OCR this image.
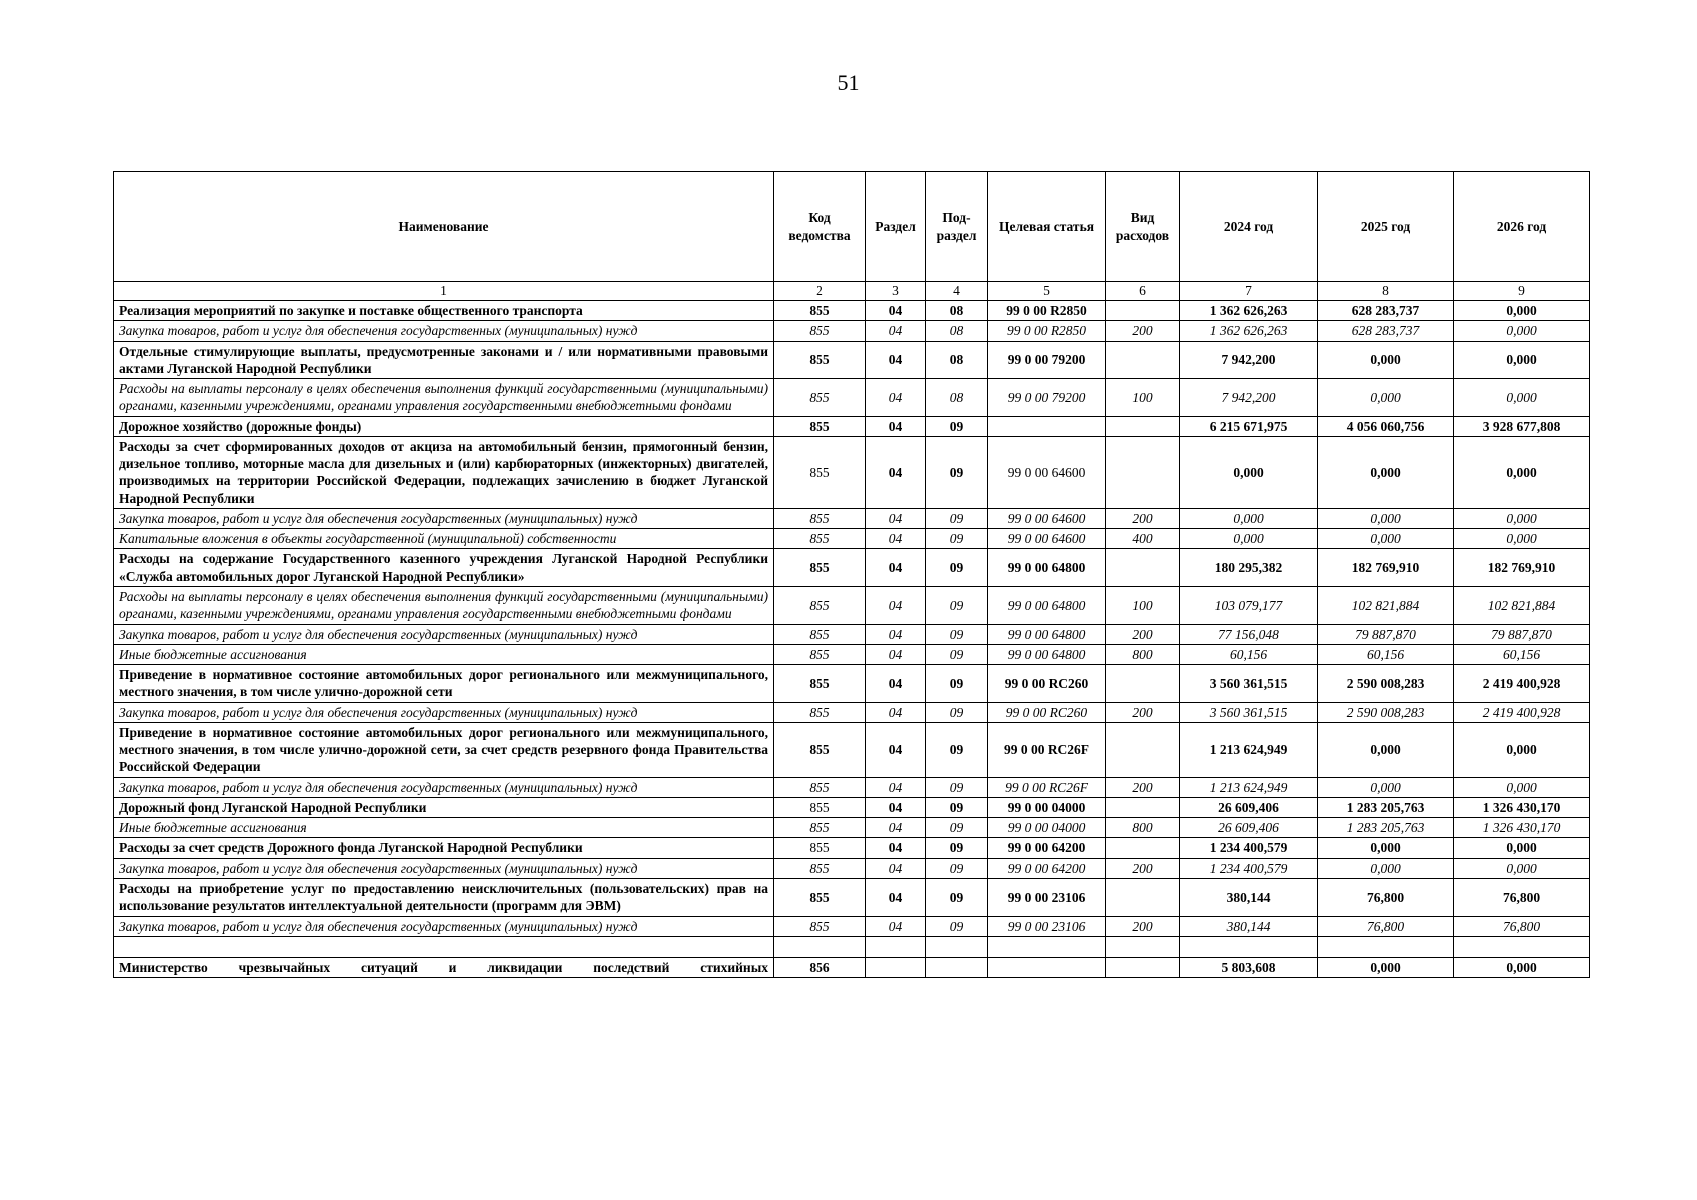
51
Наименование	Код ведомства	Раздел	Под-раздел	Целевая статья	Вид расходов	2024 год	2025 год	2026 год
1	2	3	4	5	6	7	8	9
Реализация мероприятий по закупке и поставке общественного транспорта	855	04	08	99 0 00 R2850		1 362 626,263	628 283,737	0,000
Закупка товаров, работ и услуг для обеспечения государственных (муниципальных) нужд	855	04	08	99 0 00 R2850	200	1 362 626,263	628 283,737	0,000
Отдельные стимулирующие выплаты, предусмотренные законами и / или нормативными правовыми актами Луганской Народной Республики	855	04	08	99 0 00 79200		7 942,200	0,000	0,000
Расходы на выплаты персоналу в целях обеспечения выполнения функций государственными (муниципальными) органами, казенными учреждениями, органами управления государственными внебюджетными фондами	855	04	08	99 0 00 79200	100	7 942,200	0,000	0,000
Дорожное хозяйство (дорожные фонды)	855	04	09			6 215 671,975	4 056 060,756	3 928 677,808
Расходы за счет сформированных доходов от акциза на автомобильный бензин, прямогонный бензин, дизельное топливо, моторные масла для дизельных и (или) карбюраторных (инжекторных) двигателей, производимых на территории Российской Федерации, подлежащих зачислению в бюджет Луганской Народной Республики	855	04	09	99 0 00 64600		0,000	0,000	0,000
Закупка товаров, работ и услуг для обеспечения государственных (муниципальных) нужд	855	04	09	99 0 00 64600	200	0,000	0,000	0,000
Капитальные вложения в объекты государственной (муниципальной) собственности	855	04	09	99 0 00 64600	400	0,000	0,000	0,000
Расходы на содержание Государственного казенного учреждения Луганской Народной Республики «Служба автомобильных дорог Луганской Народной Республики»	855	04	09	99 0 00 64800		180 295,382	182 769,910	182 769,910
Расходы на выплаты персоналу в целях обеспечения выполнения функций государственными (муниципальными) органами, казенными учреждениями, органами управления государственными внебюджетными фондами	855	04	09	99 0 00 64800	100	103 079,177	102 821,884	102 821,884
Закупка товаров, работ и услуг для обеспечения государственных (муниципальных) нужд	855	04	09	99 0 00 64800	200	77 156,048	79 887,870	79 887,870
Иные бюджетные ассигнования	855	04	09	99 0 00 64800	800	60,156	60,156	60,156
Приведение в нормативное состояние автомобильных дорог регионального или межмуниципального, местного значения, в том числе улично-дорожной сети	855	04	09	99 0 00 RC260		3 560 361,515	2 590 008,283	2 419 400,928
Закупка товаров, работ и услуг для обеспечения государственных (муниципальных) нужд	855	04	09	99 0 00 RC260	200	3 560 361,515	2 590 008,283	2 419 400,928
Приведение в нормативное состояние автомобильных дорог регионального или межмуниципального, местного значения, в том числе улично-дорожной сети, за счет средств резервного фонда Правительства Российской Федерации	855	04	09	99 0 00 RC26F		1 213 624,949	0,000	0,000
Закупка товаров, работ и услуг для обеспечения государственных (муниципальных) нужд	855	04	09	99 0 00 RC26F	200	1 213 624,949	0,000	0,000
Дорожный фонд Луганской Народной Республики	855	04	09	99 0 00 04000		26 609,406	1 283 205,763	1 326 430,170
Иные бюджетные ассигнования	855	04	09	99 0 00 04000	800	26 609,406	1 283 205,763	1 326 430,170
Расходы за счет средств Дорожного фонда Луганской Народной Республики	855	04	09	99 0 00 64200		1 234 400,579	0,000	0,000
Закупка товаров, работ и услуг для обеспечения государственных (муниципальных) нужд	855	04	09	99 0 00 64200	200	1 234 400,579	0,000	0,000
Расходы на приобретение услуг по предоставлению неисключительных (пользовательских) прав на использование результатов интеллектуальной деятельности (программ для ЭВМ)	855	04	09	99 0 00 23106		380,144	76,800	76,800
Закупка товаров, работ и услуг для обеспечения государственных (муниципальных) нужд	855	04	09	99 0 00 23106	200	380,144	76,800	76,800

Министерство чрезвычайных ситуаций и ликвидации последствий стихийных	856					5 803,608	0,000	0,000
